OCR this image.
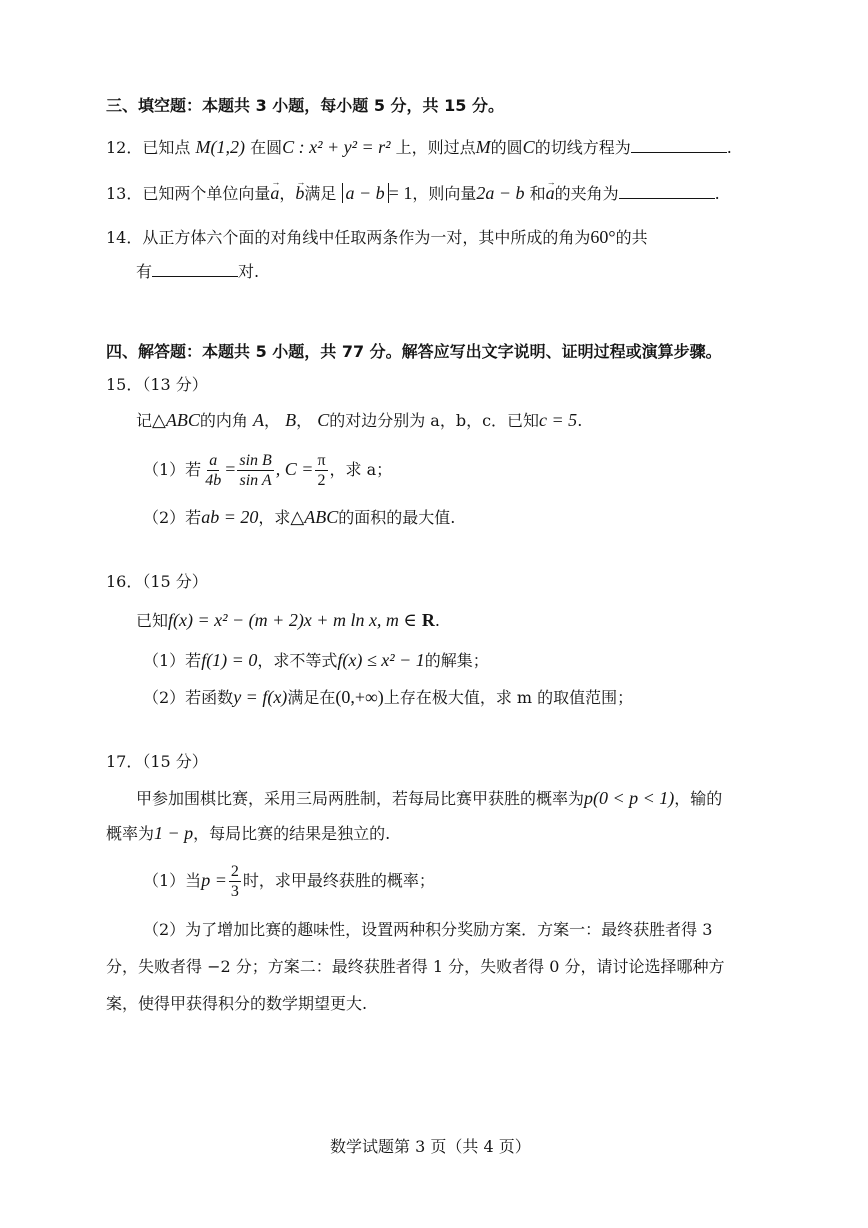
三、填空题：本题共 3 小题，每小题 5 分，共 15 分。
12．已知点 M(1,2) 在圆C : x² + y² = r² 上，则过点M的圆C的切线方程为	.
13．已知两个单位向量→ a，→ b满足 a − b = 1，则向量2a − b 和→ a的夹角为	.
14．从正方体六个面的对角线中任取两条作为一对，其中所成的角为60°的共
有	对.
四、解答题：本题共 5 小题，共 77 分。解答应写出文字说明、证明过程或演算步骤。
15．（13 分）
记△ABC的内角 A， B， C的对边分别为 a，b，c．已知c = 5.
（1）若 $\frac{a}{4b} = \frac{\text{sin B}}{\text{sin A}}$ , $C = \frac{\pi}{2}$ ，求 a；
（2）若ab = 20，求△ABC的面积的最大值.
16．（15 分）
已知f(x) = x² − (m + 2)x + m ln x, m ∈ R.
（1）若f(1) = 0，求不等式f(x) ≤ x² − 1的解集；
（2）若函数y = f(x)满足在(0,+∞)上存在极大值，求 m 的取值范围；
17．（15 分）
甲参加围棋比赛，采用三局两胜制，若每局比赛甲获胜的概率为p(0 < p < 1)，输的
概率为1 − p，每局比赛的结果是独立的.
（1）当$p = \frac{2}{3}$ 时，求甲最终获胜的概率；
（2）为了增加比赛的趣味性，设置两种积分奖励方案．方案一：最终获胜者得 3
分，失败者得 −2 分；方案二：最终获胜者得 1 分，失败者得 0 分，请讨论选择哪种方
案，使得甲获得积分的数学期望更大.
数学试题第 3 页（共 4 页）
